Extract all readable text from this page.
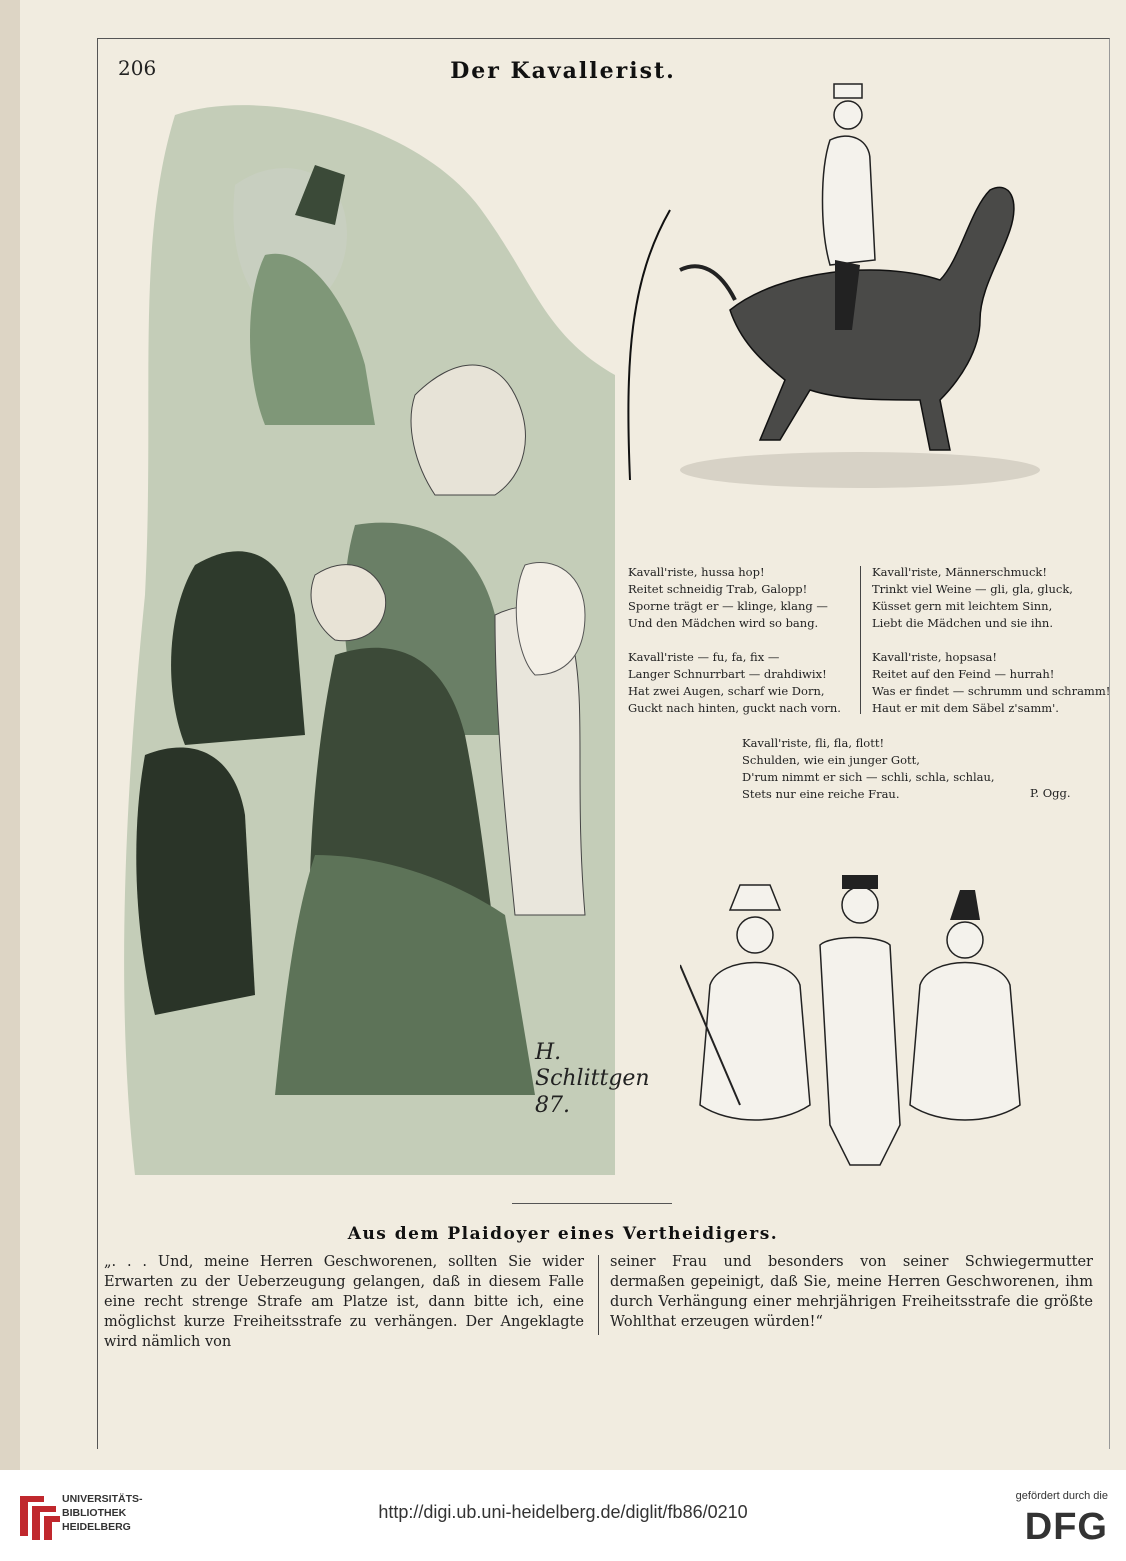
206	Der Kavallerist.
H. Schlittgen 87.
Kavall'riste, hussa hop!
Reitet schneidig Trab, Galopp!
Sporne trägt er — klinge, klang —
Und den Mädchen wird so bang.
Kavall'riste — fu, fa, fix —
Langer Schnurrbart — drahdiwix!
Hat zwei Augen, scharf wie Dorn,
Guckt nach hinten, guckt nach vorn.
Kavall'riste, Männerschmuck!
Trinkt viel Weine — gli, gla, gluck,
Küsset gern mit leichtem Sinn,
Liebt die Mädchen und sie ihn.
Kavall'riste, hopsasa!
Reitet auf den Feind — hurrah!
Was er findet — schrumm und schramm!
Haut er mit dem Säbel z'samm'.
Kavall'riste, fli, fla, flott!
Schulden, wie ein junger Gott,
D'rum nimmt er sich — schli, schla, schlau,
Stets nur eine reiche Frau.	P. Ogg.
Aus dem Plaidoyer eines Vertheidigers.

„. . . Und, meine Herren Geschworenen, sollten Sie wider Erwarten zu der Ueberzeugung gelangen, daß in diesem Falle eine recht strenge Strafe am Platze ist, dann bitte ich, eine möglichst kurze Freiheitsstrafe zu verhängen. Der Angeklagte wird nämlich von

seiner Frau und besonders von seiner Schwiegermutter dermaßen gepeinigt, daß Sie, meine Herren Geschworenen, ihm durch Verhängung einer mehrjährigen Freiheitsstrafe die größte Wohlthat erzeugen würden!“

UNIVERSITÄTS-
BIBLIOTHEK
HEIDELBERG
http://digi.ub.uni-heidelberg.de/diglit/fb86/0210
gefördert durch die
DFG
